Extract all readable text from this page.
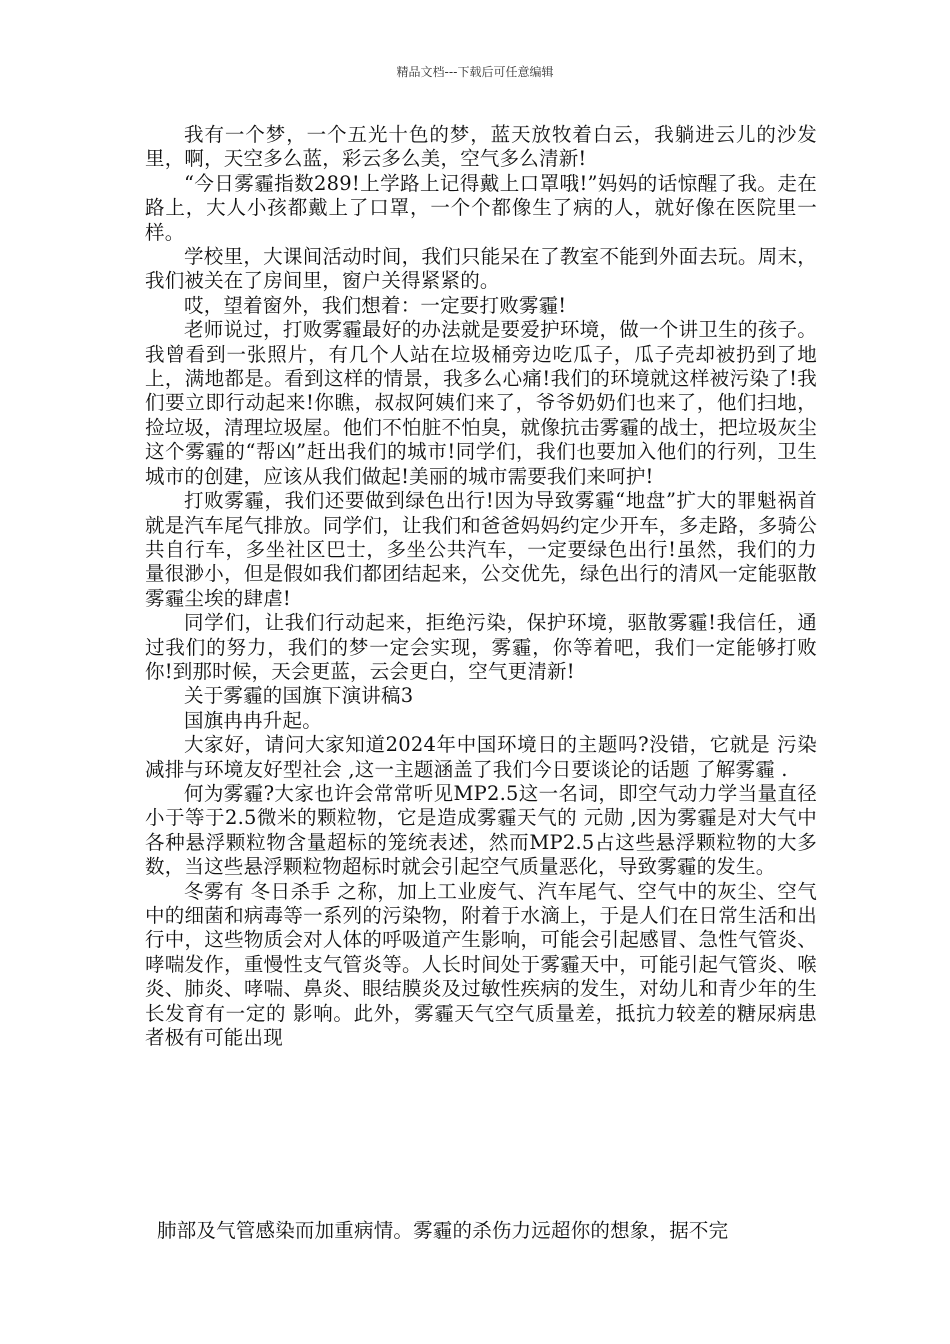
精品文档---下载后可任意编辑

我有一个梦，一个五光十色的梦，蓝天放牧着白云，我躺进云儿的沙发里，啊，天空多么蓝，彩云多么美，空气多么清新!

“今日雾霾指数289!上学路上记得戴上口罩哦!”妈妈的话惊醒了我。走在路上，大人小孩都戴上了口罩，一个个都像生了病的人，就好像在医院里一样。

学校里，大课间活动时间，我们只能呆在了教室不能到外面去玩。周末，我们被关在了房间里，窗户关得紧紧的。

哎，望着窗外，我们想着：一定要打败雾霾!

老师说过，打败雾霾最好的办法就是要爱护环境，做一个讲卫生的孩子。我曾看到一张照片，有几个人站在垃圾桶旁边吃瓜子，瓜子壳却被扔到了地上，满地都是。看到这样的情景，我多么心痛!我们的环境就这样被污染了!我们要立即行动起来!你瞧，叔叔阿姨们来了，爷爷奶奶们也来了，他们扫地，捡垃圾，清理垃圾屋。他们不怕脏不怕臭，就像抗击雾霾的战士，把垃圾灰尘这个雾霾的“帮凶”赶出我们的城市!同学们，我们也要加入他们的行列，卫生城市的创建，应该从我们做起!美丽的城市需要我们来呵护!

打败雾霾，我们还要做到绿色出行!因为导致雾霾“地盘”扩大的罪魁祸首就是汽车尾气排放。同学们，让我们和爸爸妈妈约定少开车，多走路，多骑公共自行车，多坐社区巴士，多坐公共汽车，一定要绿色出行!虽然，我们的力量很渺小，但是假如我们都团结起来，公交优先，绿色出行的清风一定能驱散雾霾尘埃的肆虐!

同学们，让我们行动起来，拒绝污染，保护环境，驱散雾霾!我信任，通过我们的努力，我们的梦一定会实现，雾霾，你等着吧，我们一定能够打败你!到那时候，天会更蓝，云会更白，空气更清新!

关于雾霾的国旗下演讲稿3

国旗冉冉升起。

大家好，请问大家知道2024年中国环境日的主题吗?没错，它就是 污染减排与环境友好型社会 ,这一主题涵盖了我们今日要谈论的话题 了解雾霾 .

何为雾霾?大家也许会常常听见MP2.5这一名词，即空气动力学当量直径小于等于2.5微米的颗粒物，它是造成雾霾天气的 元勋 ,因为雾霾是对大气中各种悬浮颗粒物含量超标的笼统表述，然而MP2.5占这些悬浮颗粒物的大多数，当这些悬浮颗粒物超标时就会引起空气质量恶化，导致雾霾的发生。

冬雾有 冬日杀手 之称，加上工业废气、汽车尾气、空气中的灰尘、空气中的细菌和病毒等一系列的污染物，附着于水滴上，于是人们在日常生活和出行中，这些物质会对人体的呼吸道产生影响，可能会引起感冒、急性气管炎、哮喘发作，重慢性支气管炎等。人长时间处于雾霾天中，可能引起气管炎、喉炎、肺炎、哮喘、鼻炎、眼结膜炎及过敏性疾病的发生，对幼儿和青少年的生长发育有一定的 影响。此外，雾霾天气空气质量差，抵抗力较差的糖尿病患者极有可能出现

肺部及气管感染而加重病情。雾霾的杀伤力远超你的想象，据不完
